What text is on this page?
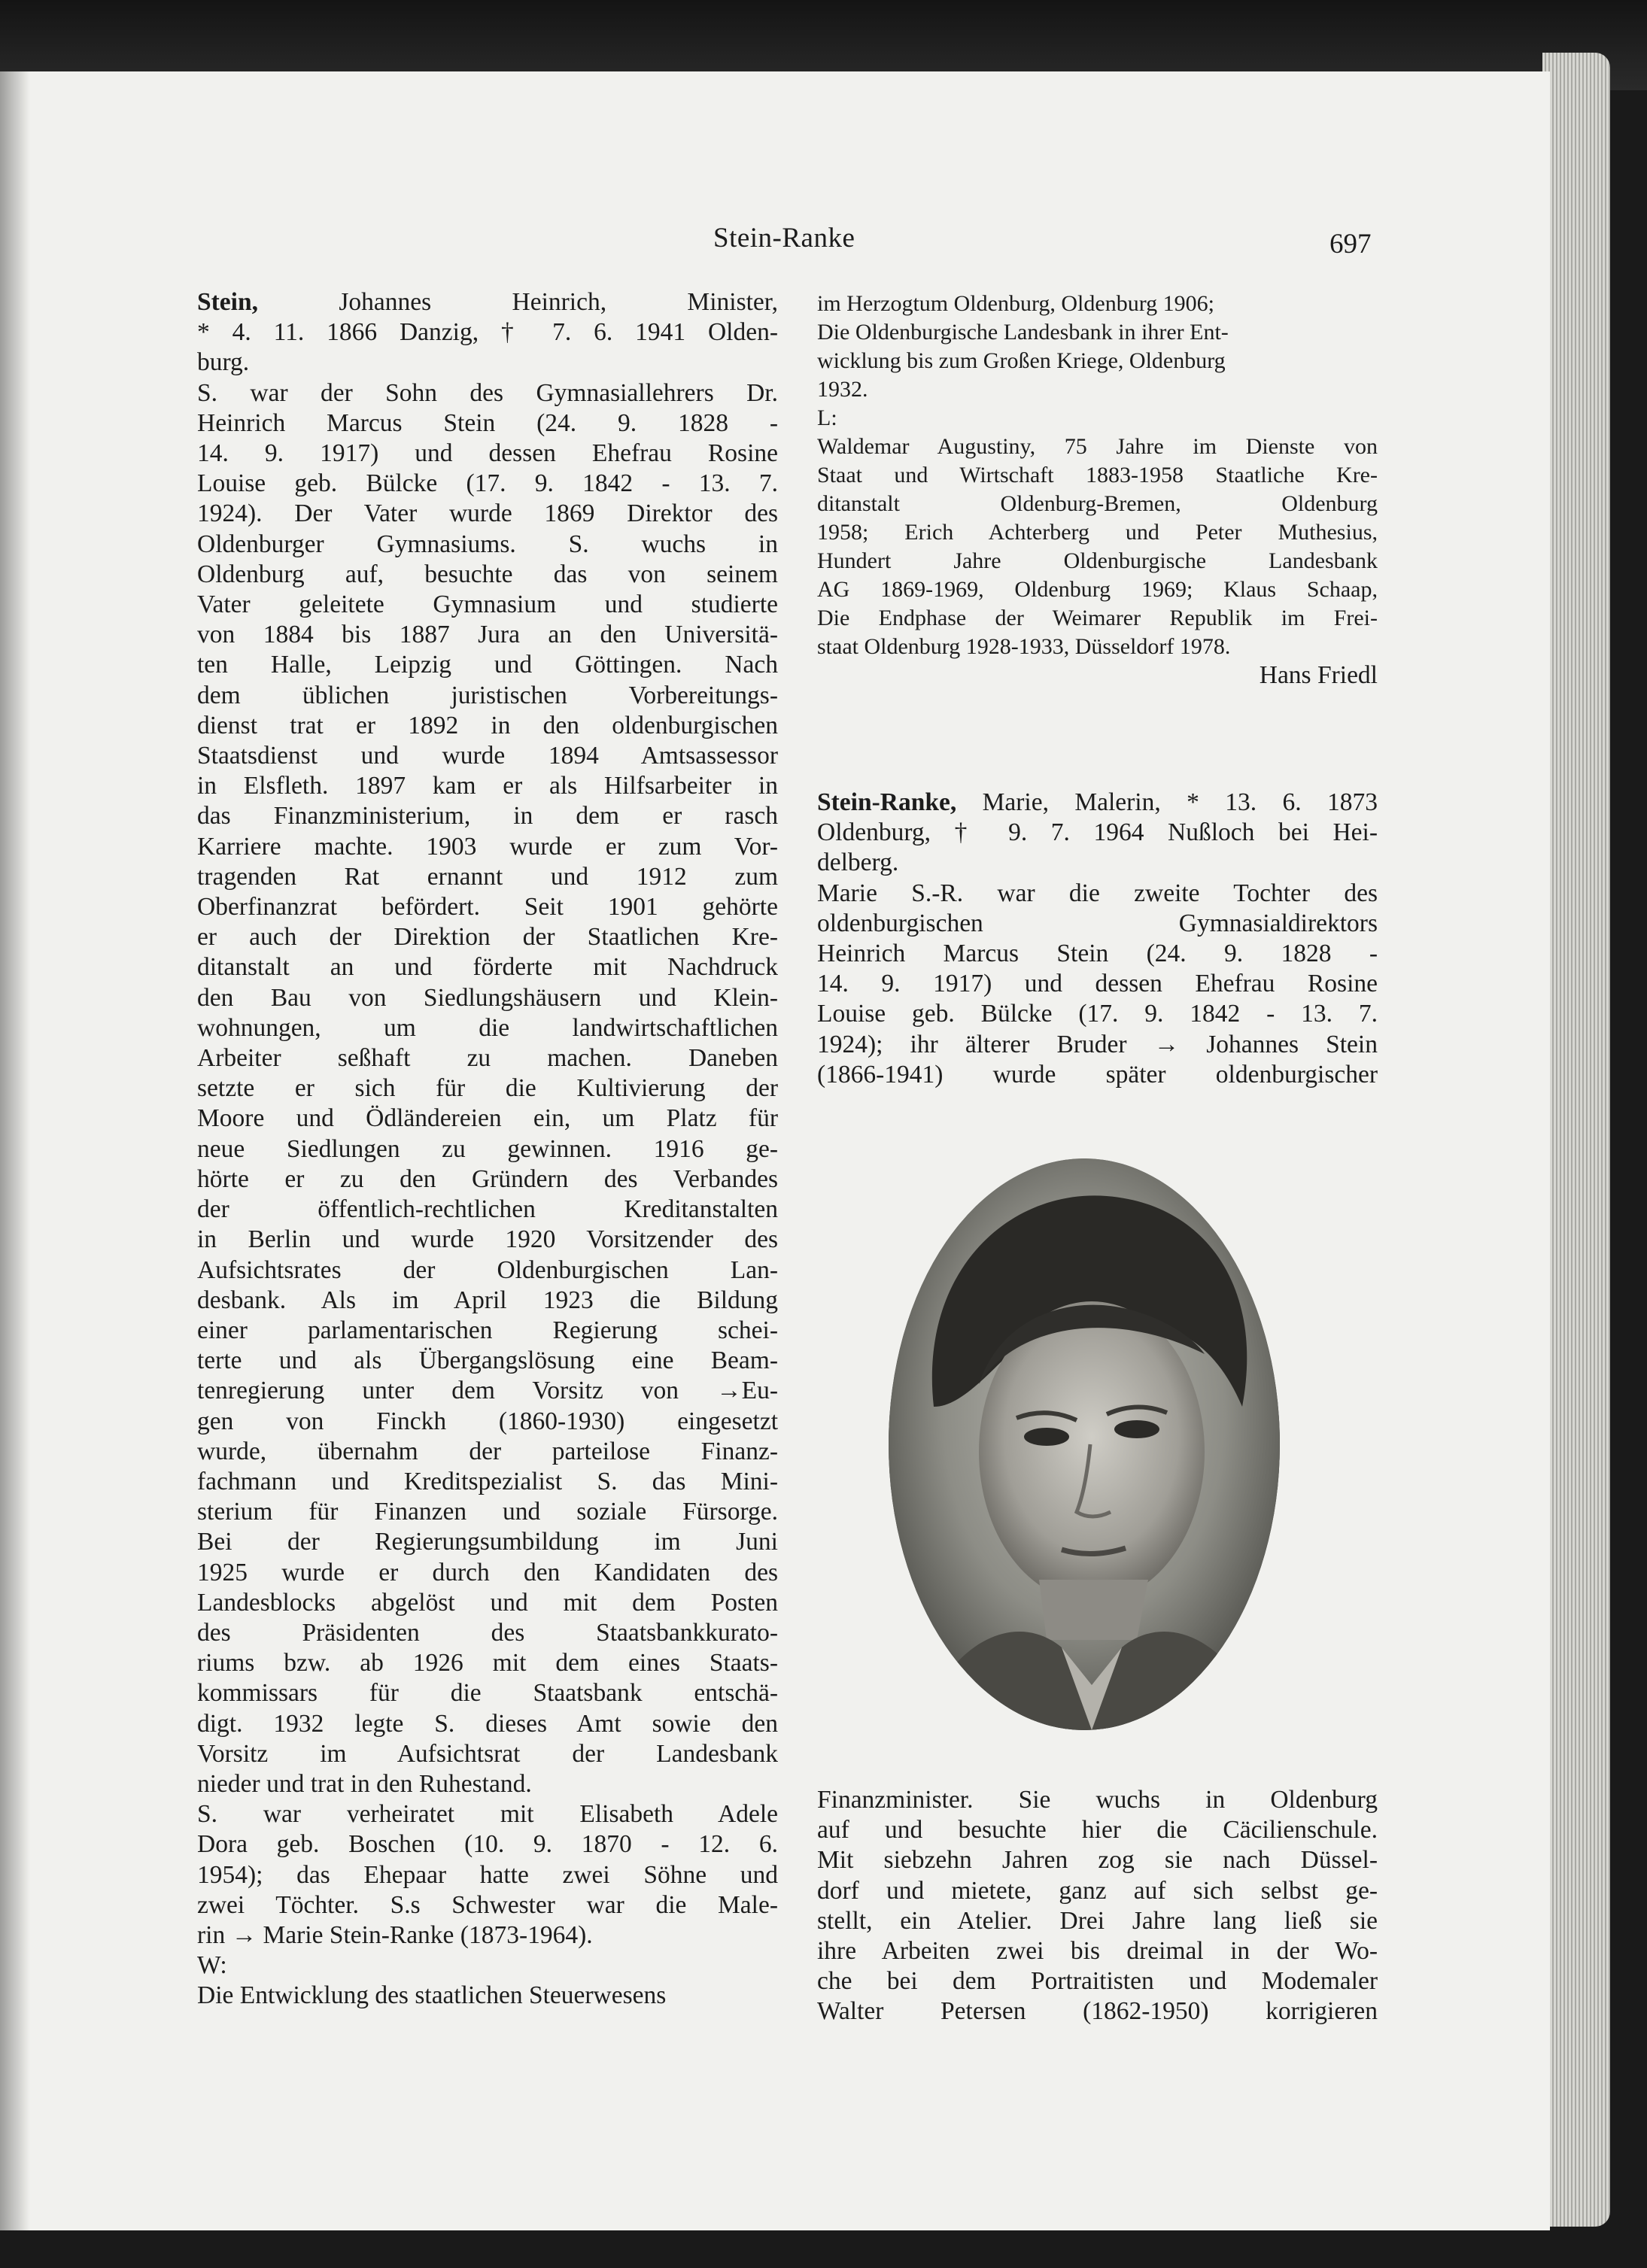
Stein-Ranke	697
Stein, Johannes Heinrich, Minister,
* 4. 11. 1866 Danzig, † 7. 6. 1941 Olden-
burg.
S. war der Sohn des Gymnasiallehrers Dr.
Heinrich Marcus Stein (24. 9. 1828 -
14. 9. 1917) und dessen Ehefrau Rosine
Louise geb. Bülcke (17. 9. 1842 - 13. 7.
1924). Der Vater wurde 1869 Direktor des
Oldenburger Gymnasiums. S. wuchs in
Oldenburg auf, besuchte das von seinem
Vater geleitete Gymnasium und studierte
von 1884 bis 1887 Jura an den Universitä-
ten Halle, Leipzig und Göttingen. Nach
dem üblichen juristischen Vorbereitungs-
dienst trat er 1892 in den oldenburgischen
Staatsdienst und wurde 1894 Amtsassessor
in Elsfleth. 1897 kam er als Hilfsarbeiter in
das Finanzministerium, in dem er rasch
Karriere machte. 1903 wurde er zum Vor-
tragenden Rat ernannt und 1912 zum
Oberfinanzrat befördert. Seit 1901 gehörte
er auch der Direktion der Staatlichen Kre-
ditanstalt an und förderte mit Nachdruck
den Bau von Siedlungshäusern und Klein-
wohnungen, um die landwirtschaftlichen
Arbeiter seßhaft zu machen. Daneben
setzte er sich für die Kultivierung der
Moore und Ödländereien ein, um Platz für
neue Siedlungen zu gewinnen. 1916 ge-
hörte er zu den Gründern des Verbandes
der öffentlich-rechtlichen Kreditanstalten
in Berlin und wurde 1920 Vorsitzender des
Aufsichtsrates der Oldenburgischen Lan-
desbank. Als im April 1923 die Bildung
einer parlamentarischen Regierung schei-
terte und als Übergangslösung eine Beam-
tenregierung unter dem Vorsitz von →Eu-
gen von Finckh (1860-1930) eingesetzt
wurde, übernahm der parteilose Finanz-
fachmann und Kreditspezialist S. das Mini-
sterium für Finanzen und soziale Fürsorge.
Bei der Regierungsumbildung im Juni
1925 wurde er durch den Kandidaten des
Landesblocks abgelöst und mit dem Posten
des Präsidenten des Staatsbankkurato-
riums bzw. ab 1926 mit dem eines Staats-
kommissars für die Staatsbank entschä-
digt. 1932 legte S. dieses Amt sowie den
Vorsitz im Aufsichtsrat der Landesbank
nieder und trat in den Ruhestand.
S. war verheiratet mit Elisabeth Adele
Dora geb. Boschen (10. 9. 1870 - 12. 6.
1954); das Ehepaar hatte zwei Söhne und
zwei Töchter. S.s Schwester war die Male-
rin → Marie Stein-Ranke (1873-1964).
W:
Die Entwicklung des staatlichen Steuerwesens
im Herzogtum Oldenburg, Oldenburg 1906;
Die Oldenburgische Landesbank in ihrer Ent-
wicklung bis zum Großen Kriege, Oldenburg
1932.
L:
Waldemar Augustiny, 75 Jahre im Dienste von
Staat und Wirtschaft 1883-1958 Staatliche Kre-
ditanstalt Oldenburg-Bremen, Oldenburg
1958; Erich Achterberg und Peter Muthesius,
Hundert Jahre Oldenburgische Landesbank
AG 1869-1969, Oldenburg 1969; Klaus Schaap,
Die Endphase der Weimarer Republik im Frei-
staat Oldenburg 1928-1933, Düsseldorf 1978.
Hans Friedl
Stein-Ranke, Marie, Malerin, * 13. 6. 1873
Oldenburg, † 9. 7. 1964 Nußloch bei Hei-
delberg.
Marie S.-R. war die zweite Tochter des
oldenburgischen Gymnasialdirektors
Heinrich Marcus Stein (24. 9. 1828 -
14. 9. 1917) und dessen Ehefrau Rosine
Louise geb. Bülcke (17. 9. 1842 - 13. 7.
1924); ihr älterer Bruder → Johannes Stein
(1866-1941) wurde später oldenburgischer
Finanzminister. Sie wuchs in Oldenburg
auf und besuchte hier die Cäcilienschule.
Mit siebzehn Jahren zog sie nach Düssel-
dorf und mietete, ganz auf sich selbst ge-
stellt, ein Atelier. Drei Jahre lang ließ sie
ihre Arbeiten zwei bis dreimal in der Wo-
che bei dem Portraitisten und Modemaler
Walter Petersen (1862-1950) korrigieren
